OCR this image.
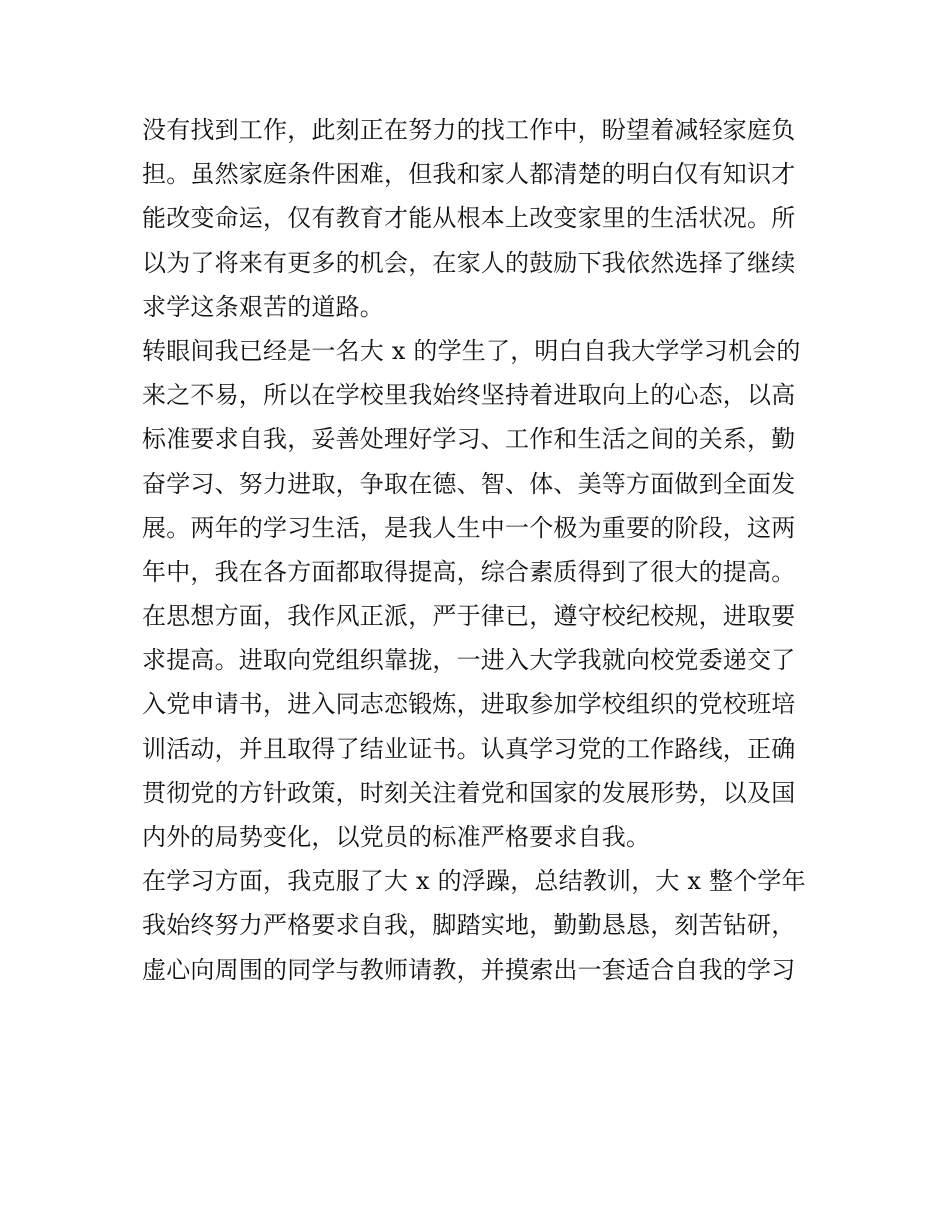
没有找到工作，此刻正在努力的找工作中，盼望着减轻家庭负
担。虽然家庭条件困难，但我和家人都清楚的明白仅有知识才
能改变命运，仅有教育才能从根本上改变家里的生活状况。所
以为了将来有更多的机会，在家人的鼓励下我依然选择了继续
求学这条艰苦的道路。
转眼间我已经是一名大 x 的学生了，明白自我大学学习机会的
来之不易，所以在学校里我始终坚持着进取向上的心态，以高
标准要求自我，妥善处理好学习、工作和生活之间的关系，勤
奋学习、努力进取，争取在德、智、体、美等方面做到全面发
展。两年的学习生活，是我人生中一个极为重要的阶段，这两
年中，我在各方面都取得提高，综合素质得到了很大的提高。
在思想方面，我作风正派，严于律已，遵守校纪校规，进取要
求提高。进取向党组织靠拢，一进入大学我就向校党委递交了
入党申请书，进入同志恋锻炼，进取参加学校组织的党校班培
训活动，并且取得了结业证书。认真学习党的工作路线，正确
贯彻党的方针政策，时刻关注着党和国家的发展形势，以及国
内外的局势变化，以党员的标准严格要求自我。
在学习方面，我克服了大 x 的浮躁，总结教训，大 x 整个学年
我始终努力严格要求自我，脚踏实地，勤勤恳恳，刻苦钻研，
虚心向周围的同学与教师请教，并摸索出一套适合自我的学习
